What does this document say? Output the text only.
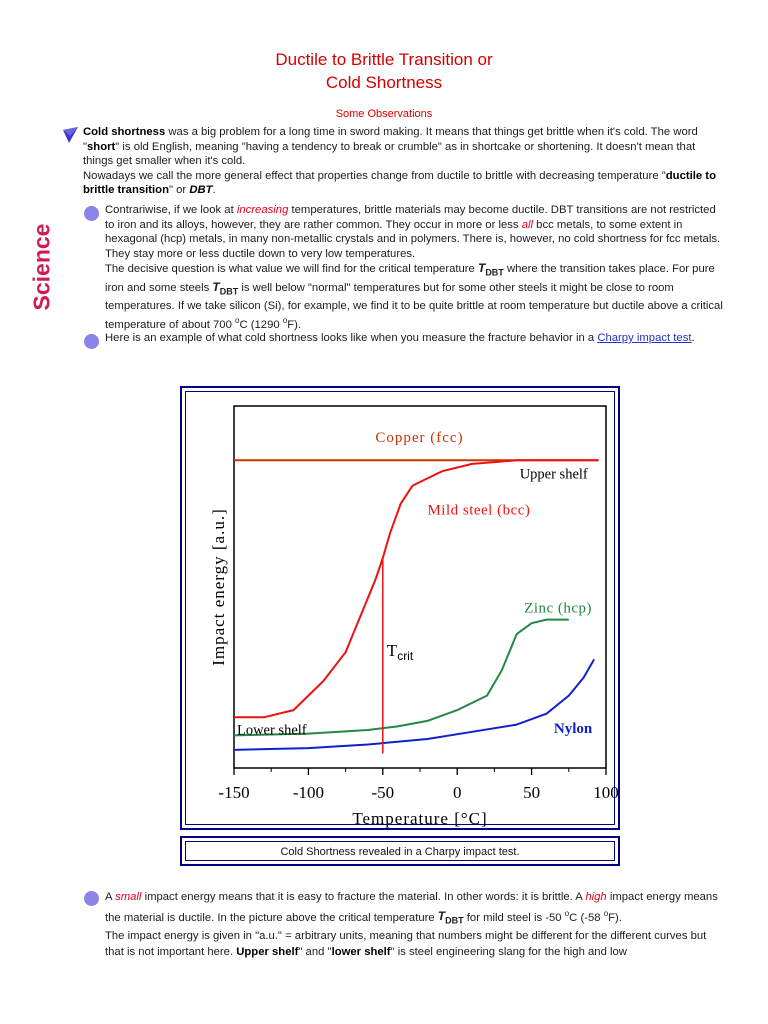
Science
Ductile to Brittle Transition or
Cold Shortness
Some Observations
Cold shortness was a big problem for a long time in sword making. It means that things get brittle when it's cold. The word "short" is old English, meaning "having a tendency to break or crumble" as in shortcake or shortening. It doesn't mean that things get smaller when it's cold.
Nowadays we call the more general effect that properties change from ductile to brittle with decreasing temperature "ductile to brittle transition" or DBT.
Contrariwise, if we look at increasing temperatures, brittle materials may become ductile. DBT transitions are not restricted to iron and its alloys, however, they are rather common. They occur in more or less all bcc metals, to some extent in hexagonal (hcp) metals, in many non-metallic crystals and in polymers. There is, however, no cold shortness for fcc metals. They stay more or less ductile down to very low temperatures.
The decisive question is what value we will find for the critical temperature $T_{DBT}$ where the transition takes place. For pure iron and some steels $T_{DBT}$ is well below "normal" temperatures but for some other steels it might be close to room temperatures. If we take silicon (Si), for example, we find it to be quite brittle at room temperature but ductile above a critical temperature of about 700 $^o$C (1290 $^o$F).
Here is an example of what cold shortness looks like when you measure the fracture behavior in a Charpy impact test.
-150	-100	-50	0	50	100
Temperature [°C]
Impact energy [a.u.]	$T_{crit}$
Copper (fcc)
Upper shelf
Mild steel (bcc)
Zinc (hcp)
Lower shelf	Nylon
Cold Shortness revealed in a Charpy impact test.
A small impact energy means that it is easy to fracture the material. In other words: it is brittle. A high impact energy means the material is ductile. In the picture above the critical temperature $T_{DBT}$ for mild steel is -50 $^o$C (-58 $^o$F).
The impact energy is given in "a.u." = arbitrary units, meaning that numbers might be different for the different curves but that is not important here. Upper shelf" and "lower shelf" is steel engineering slang for the high and low
